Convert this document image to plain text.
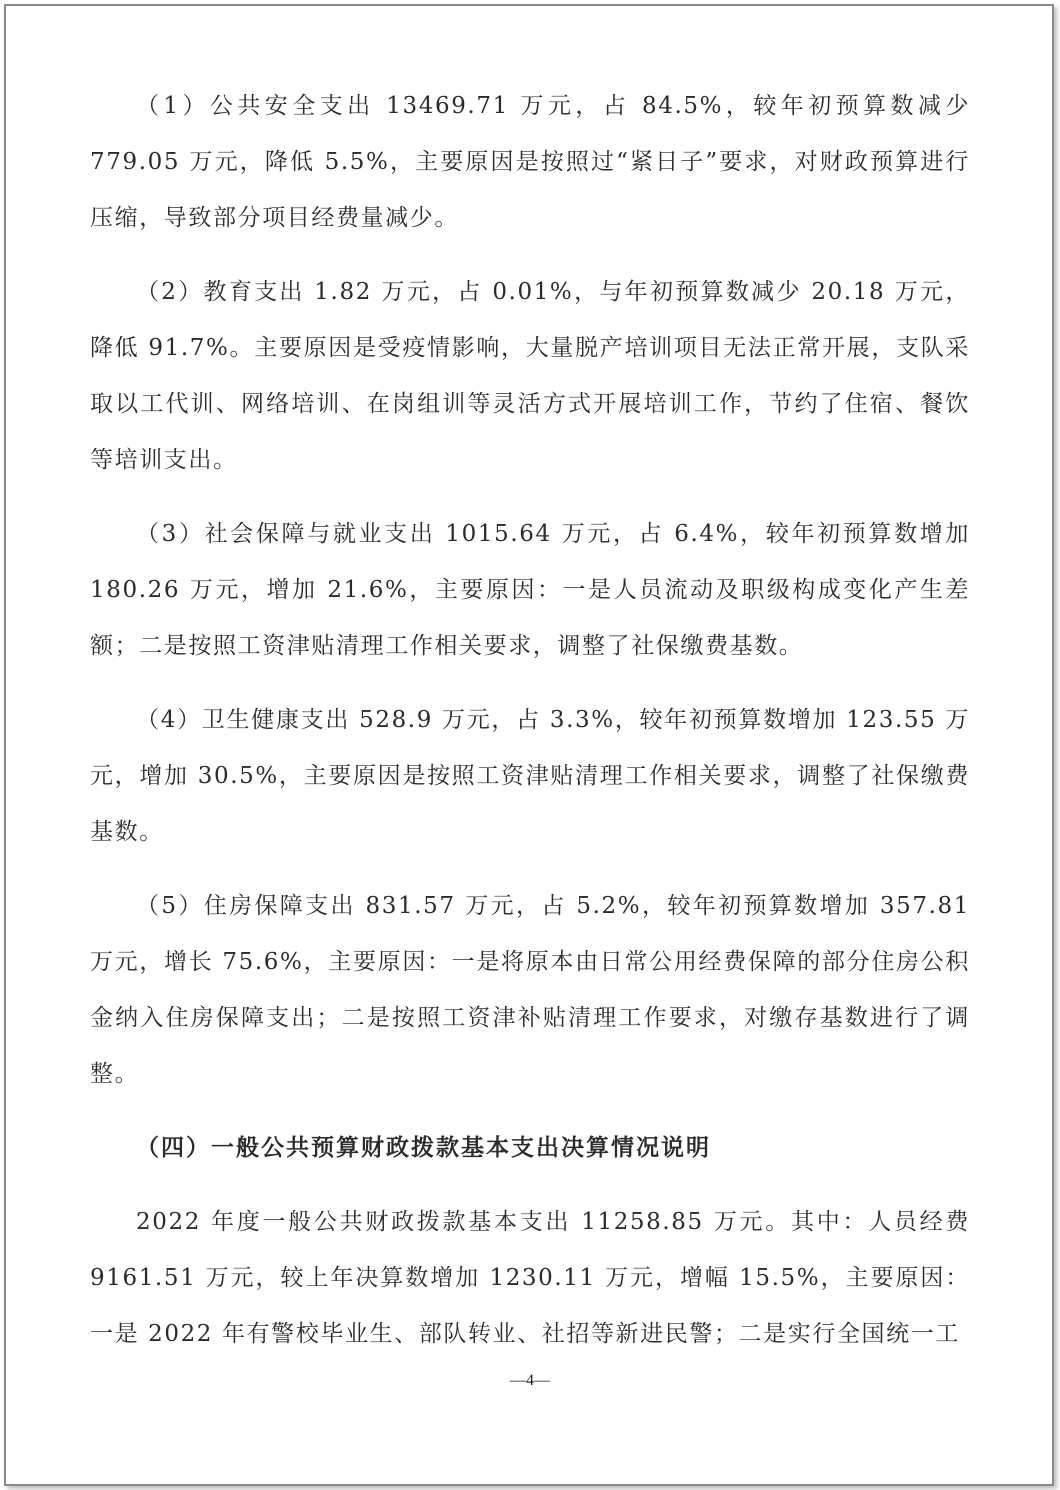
（1）公共安全支出 13469.71 万元，占 84.5%，较年初预算数减少 779.05 万元，降低 5.5%，主要原因是按照过“紧日子”要求，对财政预算进行压缩，导致部分项目经费量减少。

（2）教育支出 1.82 万元，占 0.01%，与年初预算数减少 20.18 万元，降低 91.7%。主要原因是受疫情影响，大量脱产培训项目无法正常开展，支队采取以工代训、网络培训、在岗组训等灵活方式开展培训工作，节约了住宿、餐饮等培训支出。

（3）社会保障与就业支出 1015.64 万元，占 6.4%，较年初预算数增加 180.26 万元，增加 21.6%，主要原因：一是人员流动及职级构成变化产生差额；二是按照工资津贴清理工作相关要求，调整了社保缴费基数。

（4）卫生健康支出 528.9 万元，占 3.3%，较年初预算数增加 123.55 万元，增加 30.5%，主要原因是按照工资津贴清理工作相关要求，调整了社保缴费基数。

（5）住房保障支出 831.57 万元，占 5.2%，较年初预算数增加 357.81 万元，增长 75.6%，主要原因：一是将原本由日常公用经费保障的部分住房公积金纳入住房保障支出；二是按照工资津补贴清理工作要求，对缴存基数进行了调整。

（四）一般公共预算财政拨款基本支出决算情况说明

2022 年度一般公共财政拨款基本支出 11258.85 万元。其中：人员经费 9161.51 万元，较上年决算数增加 1230.11 万元，增幅 15.5%，主要原因：一是 2022 年有警校毕业生、部队转业、社招等新进民警；二是实行全国统一工

—4—
